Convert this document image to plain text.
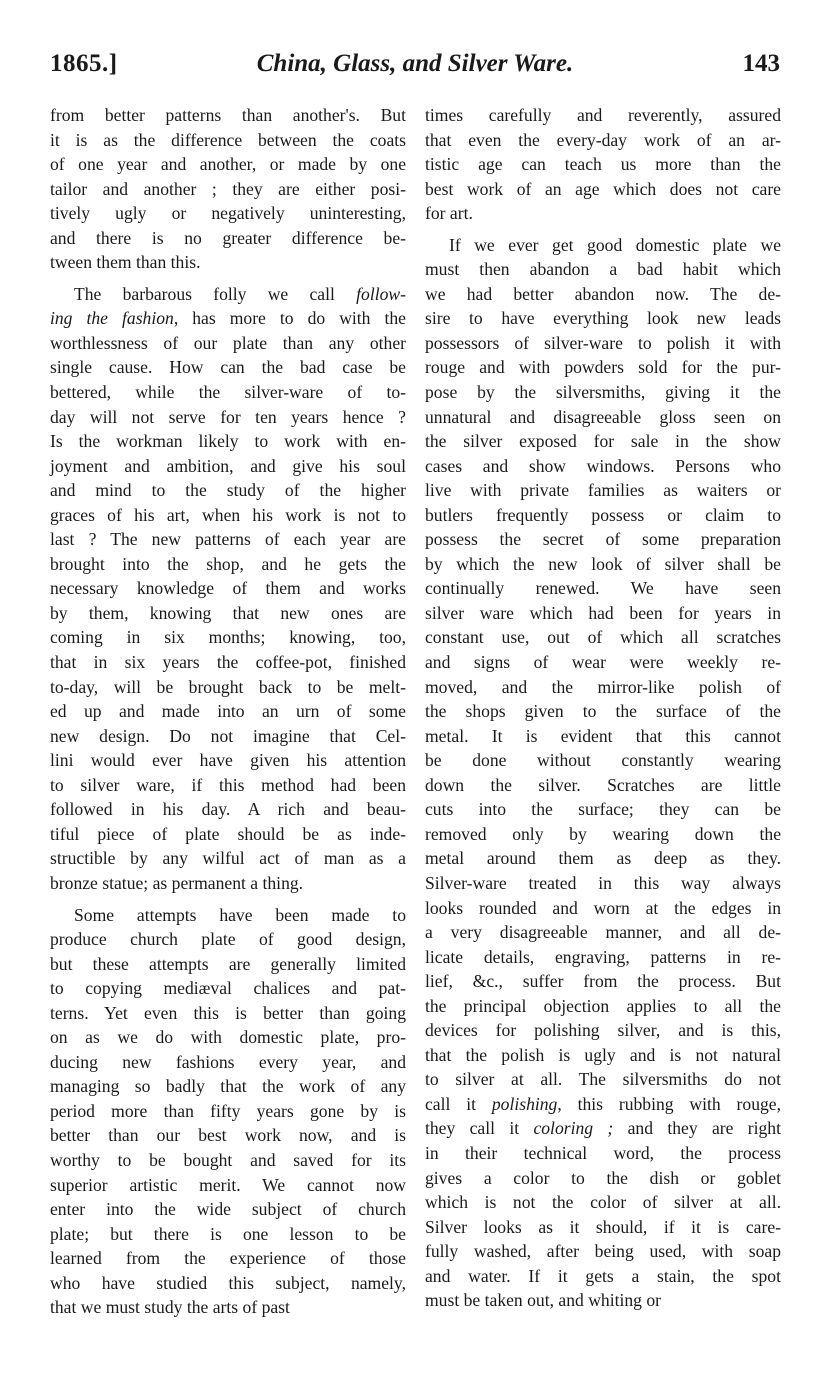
1865.]	China, Glass, and Silver Ware.	143
from better patterns than another's. But
it is as the difference between the coats
of one year and another, or made by one
tailor and another ; they are either posi-
tively ugly or negatively uninteresting,
and there is no greater difference be-
tween them than this.
The barbarous folly we call follow-
ing the fashion, has more to do with the
worthlessness of our plate than any other
single cause. How can the bad case be
bettered, while the silver-ware of to-
day will not serve for ten years hence ?
Is the workman likely to work with en-
joyment and ambition, and give his soul
and mind to the study of the higher
graces of his art, when his work is not to
last ? The new patterns of each year are
brought into the shop, and he gets the
necessary knowledge of them and works
by them, knowing that new ones are
coming in six months; knowing, too,
that in six years the coffee-pot, finished
to-day, will be brought back to be melt-
ed up and made into an urn of some
new design. Do not imagine that Cel-
lini would ever have given his attention
to silver ware, if this method had been
followed in his day. A rich and beau-
tiful piece of plate should be as inde-
structible by any wilful act of man as a
bronze statue; as permanent a thing.
Some attempts have been made to
produce church plate of good design,
but these attempts are generally limited
to copying mediæval chalices and pat-
terns. Yet even this is better than going
on as we do with domestic plate, pro-
ducing new fashions every year, and
managing so badly that the work of any
period more than fifty years gone by is
better than our best work now, and is
worthy to be bought and saved for its
superior artistic merit. We cannot now
enter into the wide subject of church
plate; but there is one lesson to be
learned from the experience of those
who have studied this subject, namely,
that we must study the arts of past
times carefully and reverently, assured
that even the every-day work of an ar-
tistic age can teach us more than the
best work of an age which does not care
for art.
If we ever get good domestic plate we
must then abandon a bad habit which
we had better abandon now. The de-
sire to have everything look new leads
possessors of silver-ware to polish it with
rouge and with powders sold for the pur-
pose by the silversmiths, giving it the
unnatural and disagreeable gloss seen on
the silver exposed for sale in the show
cases and show windows. Persons who
live with private families as waiters or
butlers frequently possess or claim to
possess the secret of some preparation
by which the new look of silver shall be
continually renewed. We have seen
silver ware which had been for years in
constant use, out of which all scratches
and signs of wear were weekly re-
moved, and the mirror-like polish of
the shops given to the surface of the
metal. It is evident that this cannot
be done without constantly wearing
down the silver. Scratches are little
cuts into the surface; they can be
removed only by wearing down the
metal around them as deep as they.
Silver-ware treated in this way always
looks rounded and worn at the edges in
a very disagreeable manner, and all de-
licate details, engraving, patterns in re-
lief, &c., suffer from the process. But
the principal objection applies to all the
devices for polishing silver, and is this,
that the polish is ugly and is not natural
to silver at all. The silversmiths do not
call it polishing, this rubbing with rouge,
they call it coloring ; and they are right
in their technical word, the process
gives a color to the dish or goblet
which is not the color of silver at all.
Silver looks as it should, if it is care-
fully washed, after being used, with soap
and water. If it gets a stain, the spot
must be taken out, and whiting or
